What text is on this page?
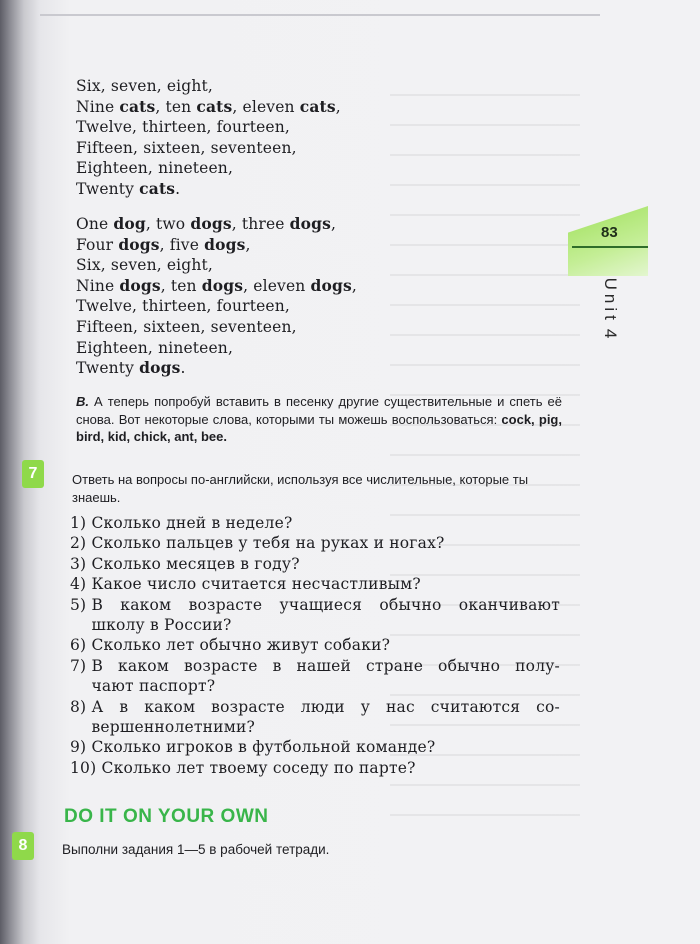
Six, seven, eight,
Nine cats, ten cats, eleven cats,
Twelve, thirteen, fourteen,
Fifteen, sixteen, seventeen,
Eighteen, nineteen,
Twenty cats.
One dog, two dogs, three dogs,
Four dogs, five dogs,
Six, seven, eight,
Nine dogs, ten dogs, eleven dogs,
Twelve, thirteen, fourteen,
Fifteen, sixteen, seventeen,
Eighteen, nineteen,
Twenty dogs.
83
Unit 4
B. А теперь попробуй вставить в песенку другие существительные и спеть её снова. Вот некоторые слова, которыми ты можешь воспользоваться: cock, pig, bird, kid, chick, ant, bee.
7	Ответь на вопросы по-английски, используя все числительные, которые ты знаешь.
1)
Сколько дней в неделе?
2)
Сколько пальцев у тебя на руках и ногах?
3)
Сколько месяцев в году?
4)
Какое число считается несчастливым?
5)
В каком возрасте учащиеся обычно оканчивают

школу в России?
6)
Сколько лет обычно живут собаки?
7)
В каком возрасте в нашей стране обычно полу-

чают паспорт?
8)
А в каком возрасте люди у нас считаются со-

вершеннолетними?
9)
Сколько игроков в футбольной команде?
10)
Сколько лет твоему соседу по парте?
DO IT ON YOUR OWN
8	Выполни задания 1—5 в рабочей тетради.
